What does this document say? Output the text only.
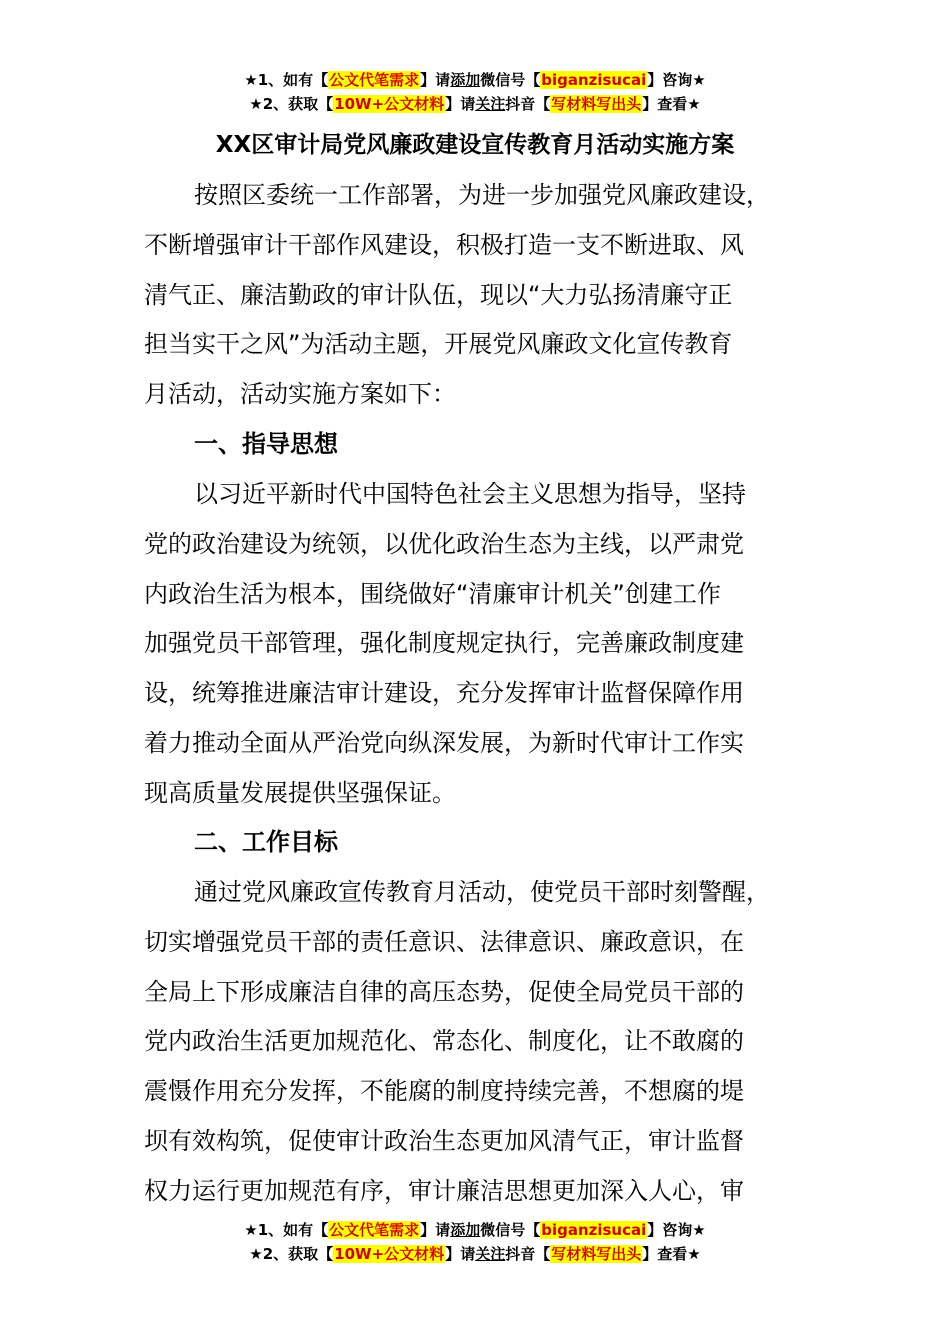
★1、如有【公文代笔需求】请添加微信号【biganzisucai】咨询★
★2、获取【10W+公文材料】请关注抖音【写材料写出头】查看★
XX区审计局党风廉政建设宣传教育月活动实施方案
按照区委统一工作部署，为进一步加强党风廉政建设，
不断增强审计干部作风建设，积极打造一支不断进取、风
清气正、廉洁勤政的审计队伍，现以“大力弘扬清廉守正
担当实干之风”为活动主题，开展党风廉政文化宣传教育
月活动，活动实施方案如下：
一、指导思想
以习近平新时代中国特色社会主义思想为指导，坚持
党的政治建设为统领，以优化政治生态为主线，以严肃党
内政治生活为根本，围绕做好“清廉审计机关”创建工作
加强党员干部管理，强化制度规定执行，完善廉政制度建
设，统筹推进廉洁审计建设，充分发挥审计监督保障作用
着力推动全面从严治党向纵深发展，为新时代审计工作实
现高质量发展提供坚强保证。
二、工作目标
通过党风廉政宣传教育月活动，使党员干部时刻警醒，
切实增强党员干部的责任意识、法律意识、廉政意识，在
全局上下形成廉洁自律的高压态势，促使全局党员干部的
党内政治生活更加规范化、常态化、制度化，让不敢腐的
震慑作用充分发挥，不能腐的制度持续完善，不想腐的堤
坝有效构筑，促使审计政治生态更加风清气正，审计监督
权力运行更加规范有序，审计廉洁思想更加深入人心，审
★1、如有【公文代笔需求】请添加微信号【biganzisucai】咨询★
★2、获取【10W+公文材料】请关注抖音【写材料写出头】查看★
